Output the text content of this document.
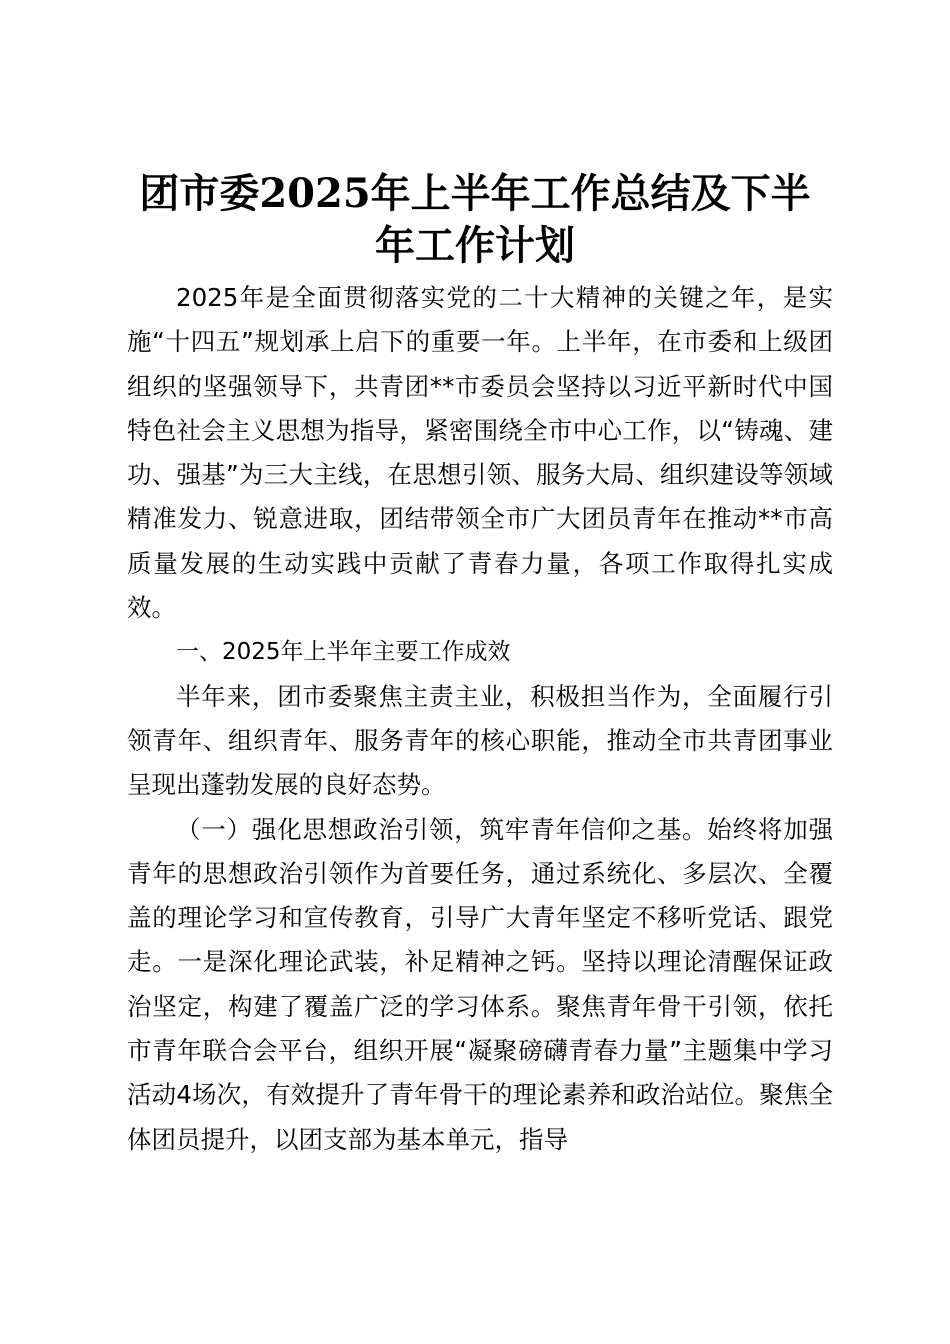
团市委2025年上半年工作总结及下半年工作计划

2025年是全面贯彻落实党的二十大精神的关键之年，是实施“十四五”规划承上启下的重要一年。上半年，在市委和上级团组织的坚强领导下，共青团**市委员会坚持以习近平新时代中国特色社会主义思想为指导，紧密围绕全市中心工作，以“铸魂、建功、强基”为三大主线，在思想引领、服务大局、组织建设等领域精准发力、锐意进取，团结带领全市广大团员青年在推动**市高质量发展的生动实践中贡献了青春力量，各项工作取得扎实成效。

一、2025年上半年主要工作成效

半年来，团市委聚焦主责主业，积极担当作为，全面履行引领青年、组织青年、服务青年的核心职能，推动全市共青团事业呈现出蓬勃发展的良好态势。

（一）强化思想政治引领，筑牢青年信仰之基。始终将加强青年的思想政治引领作为首要任务，通过系统化、多层次、全覆盖的理论学习和宣传教育，引导广大青年坚定不移听党话、跟党走。一是深化理论武装，补足精神之钙。坚持以理论清醒保证政治坚定，构建了覆盖广泛的学习体系。聚焦青年骨干引领，依托市青年联合会平台，组织开展“凝聚磅礴青春力量”主题集中学习活动4场次，有效提升了青年骨干的理论素养和政治站位。聚焦全体团员提升，以团支部为基本单元，指导
